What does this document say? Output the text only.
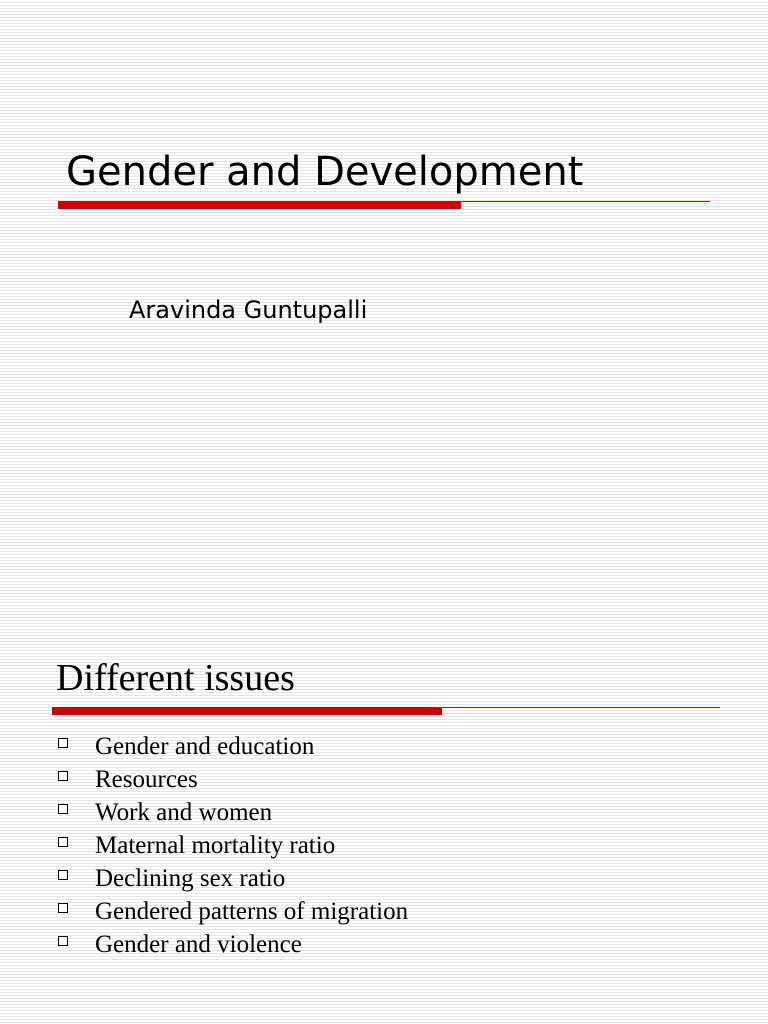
Gender and Development

Aravinda Guntupalli

Different issues
Gender and education
Resources
Work and women
Maternal mortality ratio
Declining sex ratio
Gendered patterns of migration
Gender and violence
